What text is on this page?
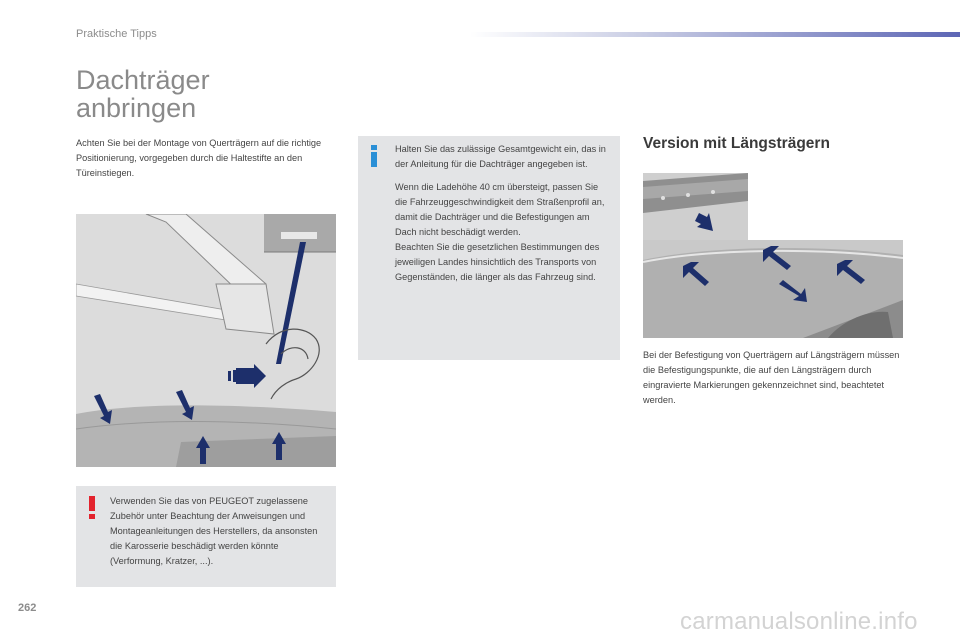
Praktische Tipps
Dachträger
anbringen

Achten Sie bei der Montage von Querträgern auf die richtige Positionierung, vorgegeben durch die Haltestifte an den Türeinstiegen.

Halten Sie das zulässige Gesamtgewicht ein, das in der Anleitung für die Dachträger angegeben ist.

Wenn die Ladehöhe 40 cm übersteigt, passen Sie die Fahrzeuggeschwindigkeit dem Straßenprofil an, damit die Dachträger und die Befestigungen am Dach nicht beschädigt werden.

Beachten Sie die gesetzlichen Bestimmungen des jeweiligen Landes hinsichtlich des Transports von Gegenständen, die länger als das Fahrzeug sind.

Verwenden Sie das von PEUGEOT zugelassene Zubehör unter Beachtung der Anweisungen und Montageanleitungen des Herstellers, da ansonsten die Karosserie beschädigt werden könnte (Verformung, Kratzer, ...).

Version mit Längsträgern

Bei der Befestigung von Querträgern auf Längsträgern müssen die Befestigungspunkte, die auf den Längsträgern durch eingravierte Markierungen gekennzeichnet sind, beachtetet werden.

262	carmanualsonline.info
